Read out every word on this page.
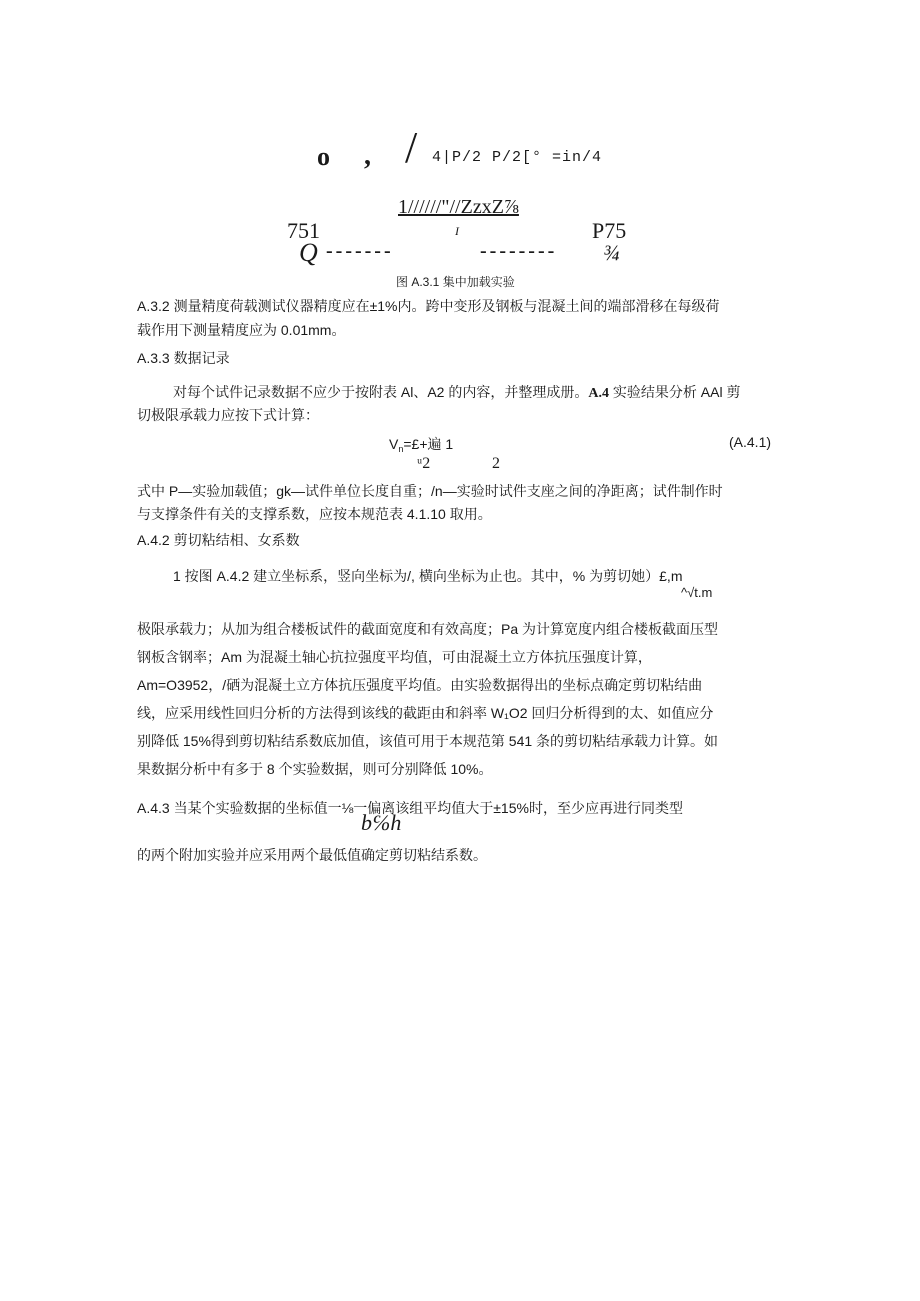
o , / 4|P/2 P/2[° =in/4
1//////"//ZzxZ⅞
I
751	P75
Q -------	-------- ¾
图 A.3.1 集中加载实验
A.3.2 测量精度荷载测试仪器精度应在±1%内。跨中变形及钢板与混凝土间的端部滑移在每级荷
载作用下测量精度应为 0.01mm。
A.3.3 数据记录
对每个试件记录数据不应少于按附表 Al、A2 的内容，并整理成册。A.4 实验结果分析 AAl 剪
切极限承载力应按下式计算：
$V_n=£+$遍 1	(A.4.1)
ᵘ2	2
式中 P—实验加载值；gk—试件单位长度自重；/n—实验时试件支座之间的净距离；试件制作时
与支撑条件有关的支撑系数，应按本规范表 4.1.10 取用。
A.4.2 剪切粘结相、女系数
1 按图 A.4.2 建立坐标系，竖向坐标为/, 横向坐标为止也。其中，% 为剪切她）£,m
^√t.m
极限承载力；从加为组合楼板试件的截面宽度和有效高度；Pa 为计算宽度内组合楼板截面压型
钢板含钢率；Am 为混凝土轴心抗拉强度平均值，可由混凝土立方体抗压强度计算，
Am=O3952，/硒为混凝土立方体抗压强度平均值。由实验数据得出的坐标点确定剪切粘结曲
线，应采用线性回归分析的方法得到该线的截距由和斜率 W₁O2 回归分析得到的太、如值应分
别降低 15%得到剪切粘结系数底加值，该值可用于本规范第 541 条的剪切粘结承载力计算。如
果数据分析中有多于 8 个实验数据，则可分别降低 10%。
A.4.3 当某个实验数据的坐标值一⅛一偏离该组平均值大于±15%时，至少应再进行同类型
b℅h
的两个附加实验并应采用两个最低值确定剪切粘结系数。
